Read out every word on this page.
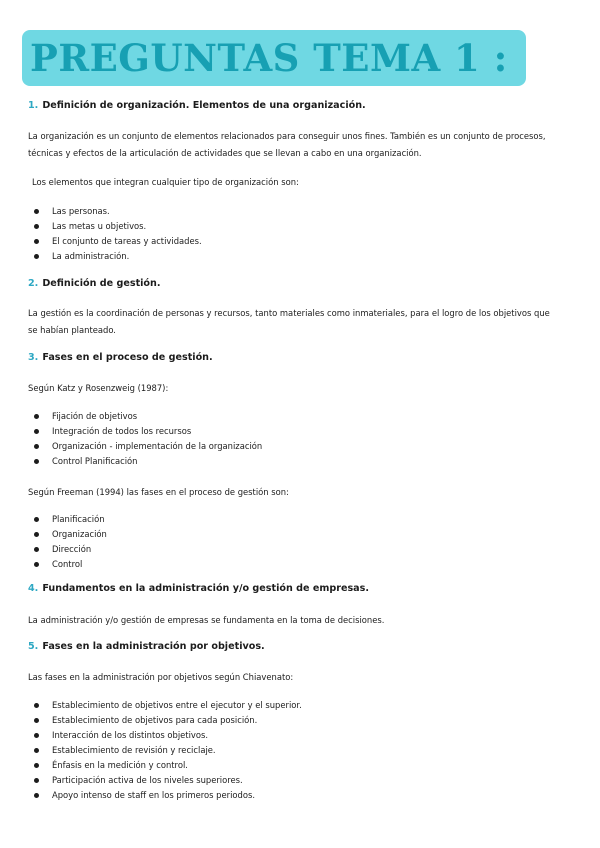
PREGUNTAS TEMA 1 :

1. Definición de organización. Elementos de una organización.

La organización es un conjunto de elementos relacionados para conseguir unos fines. También es un conjunto de procesos, técnicas y efectos de la articulación de actividades que se llevan a cabo en una organización.

Los elementos que integran cualquier tipo de organización son:

Las personas.
Las metas u objetivos.
El conjunto de tareas y actividades.
La administración.

2. Definición de gestión.

La gestión es la coordinación de personas y recursos, tanto materiales como inmateriales, para el logro de los objetivos que se habían planteado.

3. Fases en el proceso de gestión.

Según Katz y Rosenzweig (1987):

Fijación de objetivos
Integración de todos los recursos
Organización - implementación de la organización
Control Planificación

Según Freeman (1994) las fases en el proceso de gestión son:

Planificación
Organización
Dirección
Control

4. Fundamentos en la administración y/o gestión de empresas.

La administración y/o gestión de empresas se fundamenta en la toma de decisiones.

5. Fases en la administración por objetivos.

Las fases en la administración por objetivos según Chiavenato:

Establecimiento de objetivos entre el ejecutor y el superior.
Establecimiento de objetivos para cada posición.
Interacción de los distintos objetivos.
Establecimiento de revisión y reciclaje.
Énfasis en la medición y control.
Participación activa de los niveles superiores.
Apoyo intenso de staff en los primeros periodos.
